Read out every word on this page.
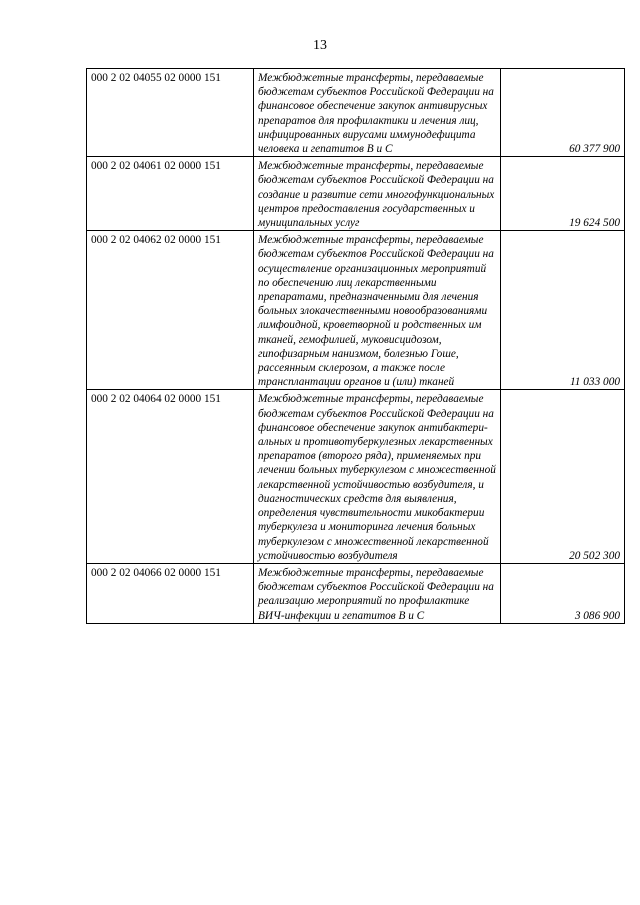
13
000 2 02 04055 02 0000 151	Межбюджетные трансферты, передаваемые бюджетам субъектов Российской Федерации на финансовое обеспечение закупок антивирусных препаратов для профилактики и лечения лиц, инфицированных вирусами иммунодефицита человека и гепатитов В и С	60 377 900
000 2 02 04061 02 0000 151	Межбюджетные трансферты, передаваемые бюджетам субъектов Российской Федерации на создание и развитие сети многофункциональных центров предоставления государственных и муниципальных услуг	19 624 500
000 2 02 04062 02 0000 151	Межбюджетные трансферты, передаваемые бюджетам субъектов Российской Федерации на осуществление организационных мероприятий по обеспечению лиц лекарственными препаратами, предназначенными для лечения больных злокачественными новообразованиями лимфоидной, кроветворной и родственных им тканей, гемофилией, муковисцидозом, гипофизарным нанизмом, болезнью Гоше, рассеянным склерозом, а также после трансплантации органов и (или) тканей	11 033 000
000 2 02 04064 02 0000 151	Межбюджетные трансферты, передаваемые бюджетам субъектов Российской Федерации на финансовое обеспечение закупок антибактери-альных и противотуберкулезных лекарственных препаратов (второго ряда), применяемых при лечении больных туберкулезом с множественной лекарственной устойчивостью возбудителя, и диагностических средств для выявления, определения чувствительности микобактерии туберкулеза и мониторинга лечения больных туберкулезом с множественной лекарственной устойчивостью возбудителя	20 502 300
000 2 02 04066 02 0000 151	Межбюджетные трансферты, передаваемые бюджетам субъектов Российской Федерации на реализацию мероприятий по профилактике ВИЧ-инфекции и гепатитов В и С	3 086 900
